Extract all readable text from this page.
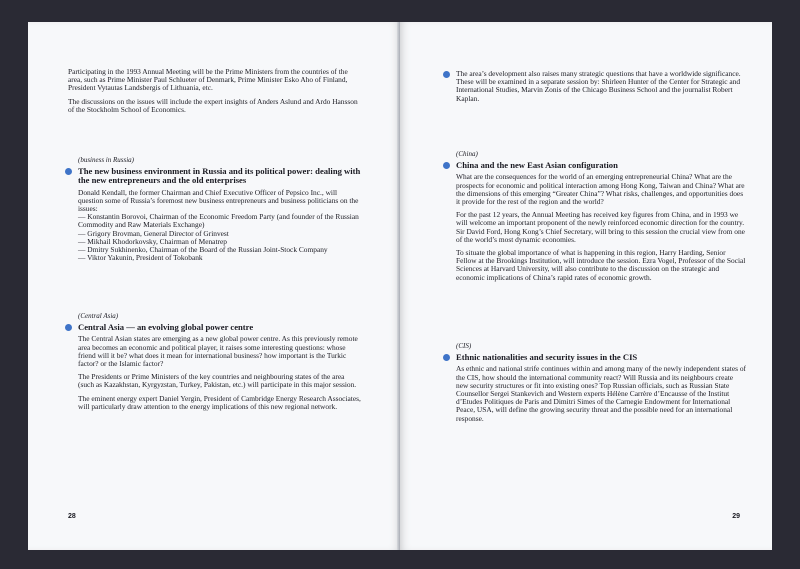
Participating in the 1993 Annual Meeting will be the Prime Ministers from the countries of the area, such as Prime Minister Paul Schlueter of Denmark, Prime Minister Esko Aho of Finland, President Vytautas Landsbergis of Lithuania, etc.

The discussions on the issues will include the expert insights of Anders Aslund and Ardo Hansson of the Stockholm School of Economics.

(business in Russia)
The new business environment in Russia and its political power: dealing with the new entrepreneurs and the old enterprises

Donald Kendall, the former Chairman and Chief Executive Officer of Pepsico Inc., will question some of Russia’s foremost new business entrepreneurs and business politicians on the issues:

— Konstantin Borovoi, Chairman of the Economic Freedom Party (and founder of the Russian Commodity and Raw Materials Exchange)
— Grigory Brovman, General Director of Grinvest
— Mikhail Khodorkovsky, Chairman of Menatrep
— Dmitry Sukhinenko, Chairman of the Board of the Russian Joint-Stock Company
— Viktor Yakunin, President of Tokobank
(Central Asia)
Central Asia — an evolving global power centre

The Central Asian states are emerging as a new global power centre. As this previously remote area becomes an economic and political player, it raises some interesting questions: whose friend will it be? what does it mean for international business? how important is the Turkic factor? or the Islamic factor?

The Presidents or Prime Ministers of the key countries and neighbouring states of the area (such as Kazakhstan, Kyrgyzstan, Turkey, Pakistan, etc.) will participate in this major session.

The eminent energy expert Daniel Yergin, President of Cambridge Energy Research Associates, will particularly draw attention to the energy implications of this new regional network.

28

The area’s development also raises many strategic questions that have a worldwide significance. These will be examined in a separate session by: Shirleen Hunter of the Center for Strategic and International Studies, Marvin Zonis of the Chicago Business School and the journalist Robert Kaplan.

(China)
China and the new East Asian configuration

What are the consequences for the world of an emerging entrepreneurial China? What are the prospects for economic and political interaction among Hong Kong, Taiwan and China? What are the dimensions of this emerging “Greater China”? What risks, challenges, and opportunities does it provide for the rest of the region and the world?

For the past 12 years, the Annual Meeting has received key figures from China, and in 1993 we will welcome an important proponent of the newly reinforced economic direction for the country. Sir David Ford, Hong Kong’s Chief Secretary, will bring to this session the crucial view from one of the world’s most dynamic economies.

To situate the global importance of what is happening in this region, Harry Harding, Senior Fellow at the Brookings Institution, will introduce the session. Ezra Vogel, Professor of the Social Sciences at Harvard University, will also contribute to the discussion on the strategic and economic implications of China’s rapid rates of economic growth.

(CIS)
Ethnic nationalities and security issues in the CIS

As ethnic and national strife continues within and among many of the newly independent states of the CIS, how should the international community react? Will Russia and its neighbours create new security structures or fit into existing ones? Top Russian officials, such as Russian State Counsellor Sergei Stankevich and Western experts Hélène Carrère d’Encausse of the Institut d’Etudes Politiques de Paris and Dimitri Simes of the Carnegie Endowment for International Peace, USA, will define the growing security threat and the possible need for an international response.

29
